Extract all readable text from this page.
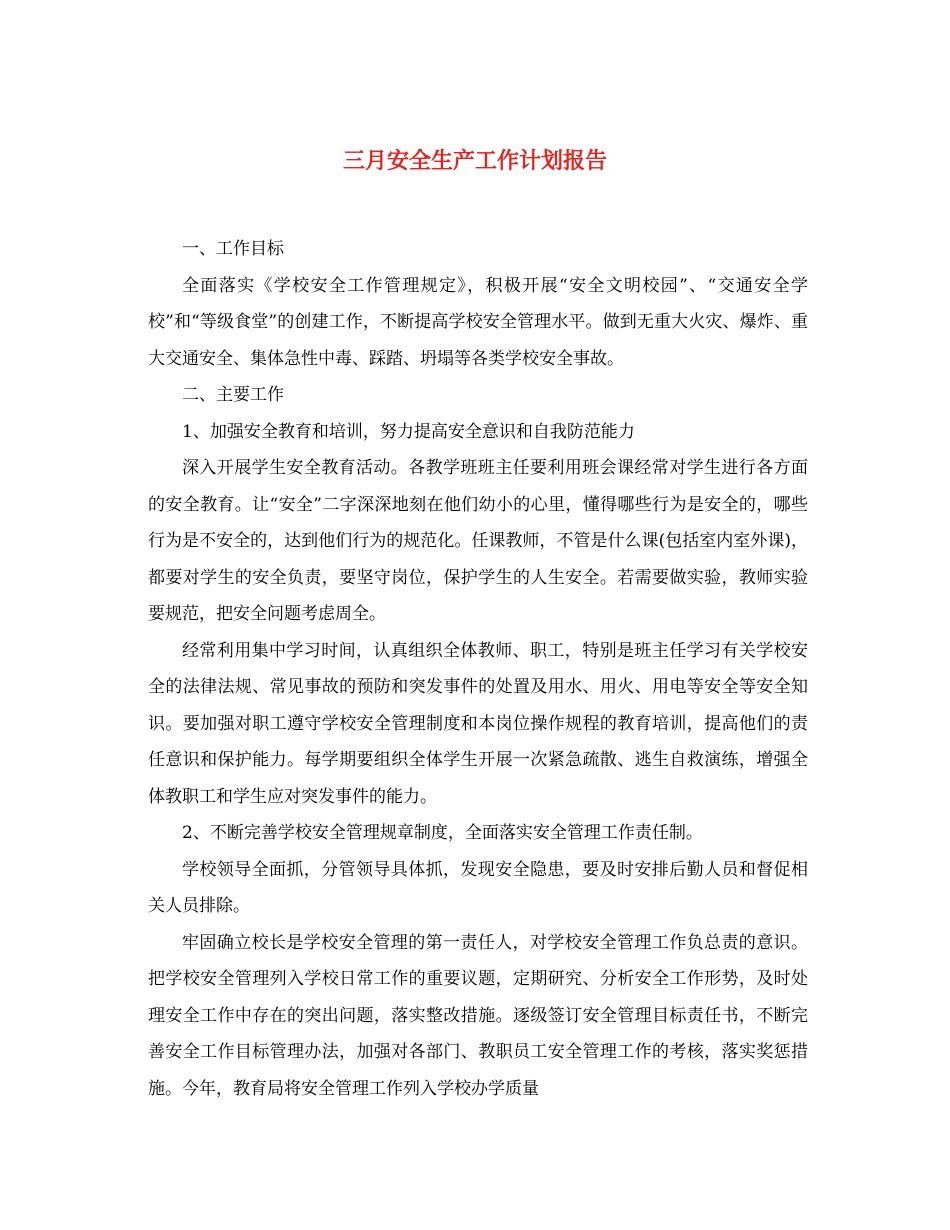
三月安全生产工作计划报告

一、工作目标

全面落实《学校安全工作管理规定》，积极开展“安全文明校园”、“交通安全学校”和“等级食堂”的创建工作，不断提高学校安全管理水平。做到无重大火灾、爆炸、重大交通安全、集体急性中毒、踩踏、坍塌等各类学校安全事故。

二、主要工作

1、加强安全教育和培训，努力提高安全意识和自我防范能力

深入开展学生安全教育活动。各教学班班主任要利用班会课经常对学生进行各方面的安全教育。让“安全”二字深深地刻在他们幼小的心里，懂得哪些行为是安全的，哪些行为是不安全的，达到他们行为的规范化。任课教师，不管是什么课(包括室内室外课)，都要对学生的安全负责，要坚守岗位，保护学生的人生安全。若需要做实验，教师实验要规范，把安全问题考虑周全。

经常利用集中学习时间，认真组织全体教师、职工，特别是班主任学习有关学校安全的法律法规、常见事故的预防和突发事件的处置及用水、用火、用电等安全等安全知识。要加强对职工遵守学校安全管理制度和本岗位操作规程的教育培训，提高他们的责任意识和保护能力。每学期要组织全体学生开展一次紧急疏散、逃生自救演练，增强全体教职工和学生应对突发事件的能力。

2、不断完善学校安全管理规章制度，全面落实安全管理工作责任制。

学校领导全面抓，分管领导具体抓，发现安全隐患，要及时安排后勤人员和督促相关人员排除。

牢固确立校长是学校安全管理的第一责任人，对学校安全管理工作负总责的意识。把学校安全管理列入学校日常工作的重要议题，定期研究、分析安全工作形势，及时处理安全工作中存在的突出问题，落实整改措施。逐级签订安全管理目标责任书，不断完善安全工作目标管理办法，加强对各部门、教职员工安全管理工作的考核，落实奖惩措施。今年，教育局将安全管理工作列入学校办学质量
